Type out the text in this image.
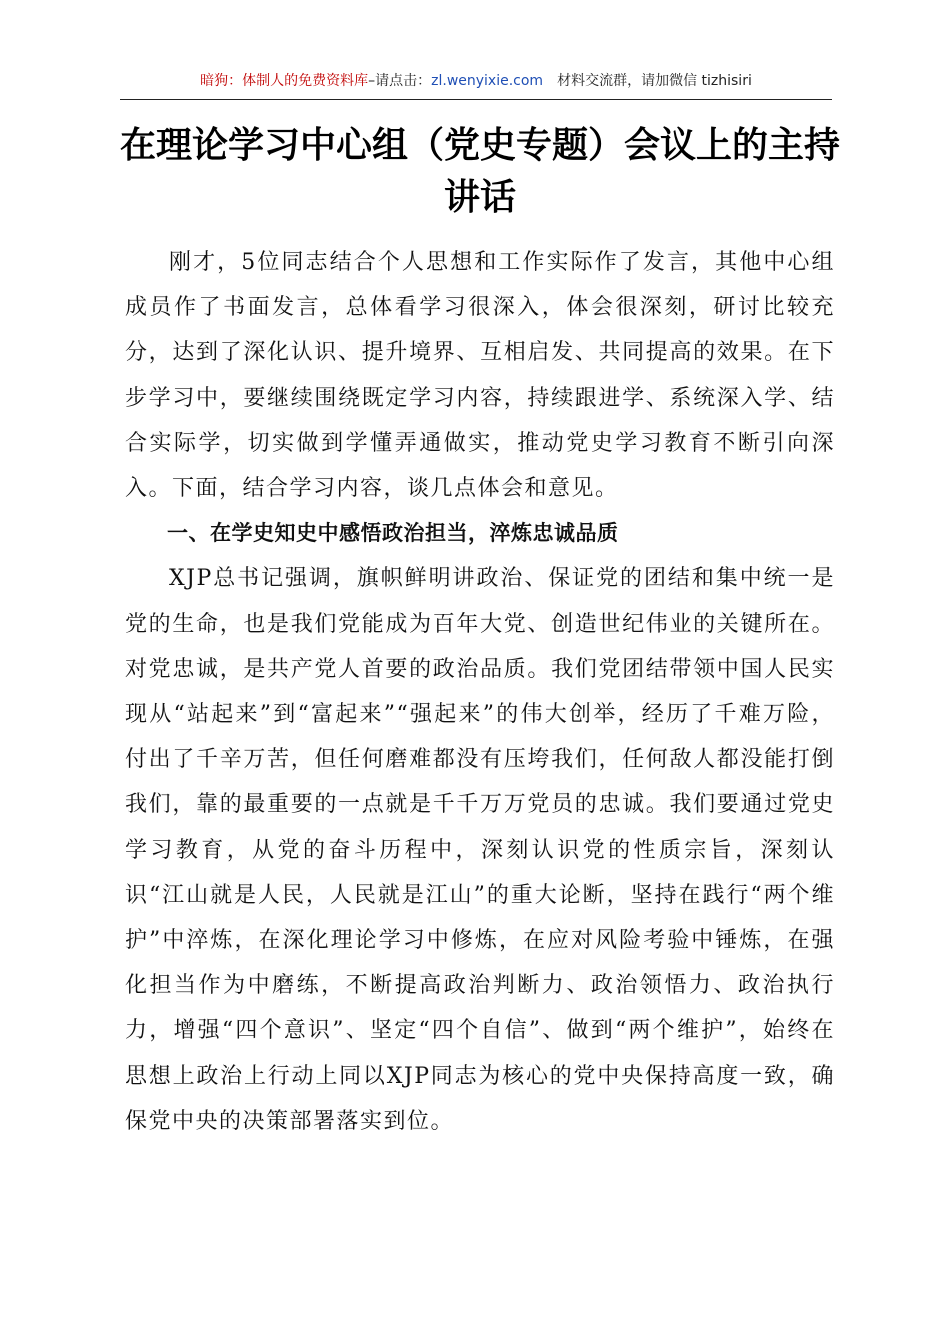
暗狗：体制人的免费资料库–请点击：zl.wenyixie.com 材料交流群，请加微信 tizhisiri
在理论学习中心组（党史专题）会议上的主持讲话

刚才，5位同志结合个人思想和工作实际作了发言，其他中心组成员作了书面发言，总体看学习很深入，体会很深刻，研讨比较充分，达到了深化认识、提升境界、互相启发、共同提高的效果。在下步学习中，要继续围绕既定学习内容，持续跟进学、系统深入学、结合实际学，切实做到学懂弄通做实，推动党史学习教育不断引向深入。下面，结合学习内容，谈几点体会和意见。

一、在学史知史中感悟政治担当，淬炼忠诚品质

XJP总书记强调，旗帜鲜明讲政治、保证党的团结和集中统一是党的生命，也是我们党能成为百年大党、创造世纪伟业的关键所在。对党忠诚，是共产党人首要的政治品质。我们党团结带领中国人民实现从“站起来”到“富起来”“强起来”的伟大创举，经历了千难万险，付出了千辛万苦，但任何磨难都没有压垮我们，任何敌人都没能打倒我们，靠的最重要的一点就是千千万万党员的忠诚。我们要通过党史学习教育，从党的奋斗历程中，深刻认识党的性质宗旨，深刻认识“江山就是人民，人民就是江山”的重大论断，坚持在践行“两个维护”中淬炼，在深化理论学习中修炼，在应对风险考验中锤炼，在强化担当作为中磨练，不断提高政治判断力、政治领悟力、政治执行力，增强“四个意识”、坚定“四个自信”、做到“两个维护”，始终在思想上政治上行动上同以XJP同志为核心的党中央保持高度一致，确保党中央的决策部署落实到位。
